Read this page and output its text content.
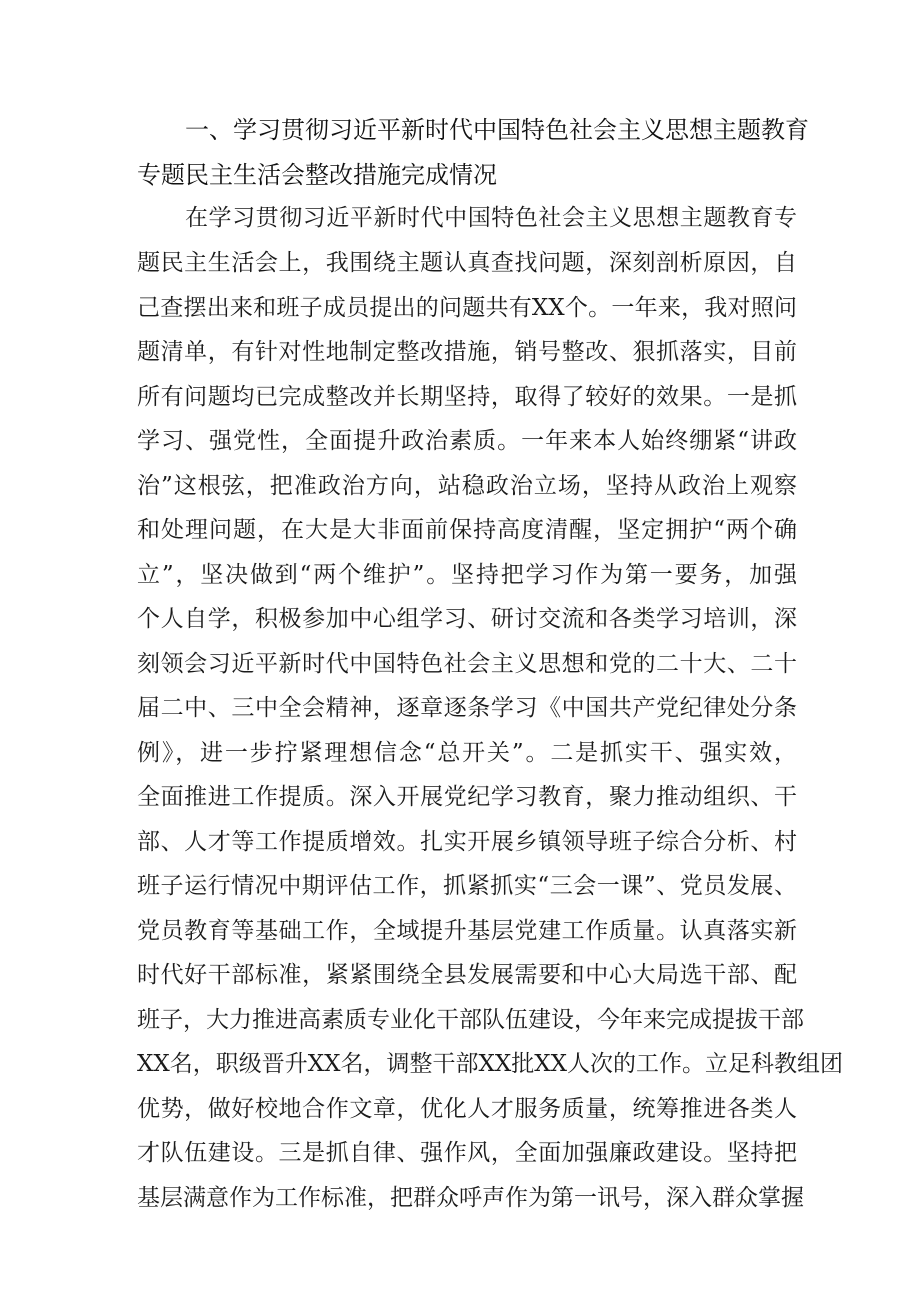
一、学习贯彻习近平新时代中国特色社会主义思想主题教育
专题民主生活会整改措施完成情况
在学习贯彻习近平新时代中国特色社会主义思想主题教育专
题民主生活会上，我围绕主题认真查找问题，深刻剖析原因，自
己查摆出来和班子成员提出的问题共有XX个。一年来，我对照问
题清单，有针对性地制定整改措施，销号整改、狠抓落实，目前
所有问题均已完成整改并长期坚持，取得了较好的效果。一是抓
学习、强党性，全面提升政治素质。一年来本人始终绷紧“讲政
治”这根弦，把准政治方向，站稳政治立场，坚持从政治上观察
和处理问题，在大是大非面前保持高度清醒，坚定拥护“两个确
立”，坚决做到“两个维护”。坚持把学习作为第一要务，加强
个人自学，积极参加中心组学习、研讨交流和各类学习培训，深
刻领会习近平新时代中国特色社会主义思想和党的二十大、二十
届二中、三中全会精神，逐章逐条学习《中国共产党纪律处分条
例》，进一步拧紧理想信念“总开关”。二是抓实干、强实效，
全面推进工作提质。深入开展党纪学习教育，聚力推动组织、干
部、人才等工作提质增效。扎实开展乡镇领导班子综合分析、村
班子运行情况中期评估工作，抓紧抓实“三会一课”、党员发展、
党员教育等基础工作，全域提升基层党建工作质量。认真落实新
时代好干部标准，紧紧围绕全县发展需要和中心大局选干部、配
班子，大力推进高素质专业化干部队伍建设，今年来完成提拔干部
XX名，职级晋升XX名，调整干部XX批XX人次的工作。立足科教组团
优势，做好校地合作文章，优化人才服务质量，统筹推进各类人
才队伍建设。三是抓自律、强作风，全面加强廉政建设。坚持把
基层满意作为工作标准，把群众呼声作为第一讯号，深入群众掌握
